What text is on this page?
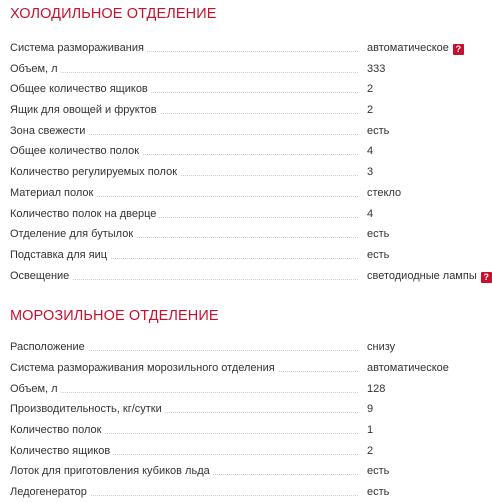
ХОЛОДИЛЬНОЕ ОТДЕЛЕНИЕ
Система размораживания	автоматическое ?
Объем, л	333
Общее количество ящиков	2
Ящик для овощей и фруктов	2
Зона свежести	есть
Общее количество полок	4
Количество регулируемых полок	3
Материал полок	стекло
Количество полок на дверце	4
Отделение для бутылок	есть
Подставка для яиц	есть
Освещение	светодиодные лампы ?
МОРОЗИЛЬНОЕ ОТДЕЛЕНИЕ
Расположение	снизу
Система размораживания морозильного отделения	автоматическое
Объем, л	128
Производительность, кг/сутки	9
Количество полок	1
Количество ящиков	2
Лоток для приготовления кубиков льда	есть
Ледогенератор	есть
